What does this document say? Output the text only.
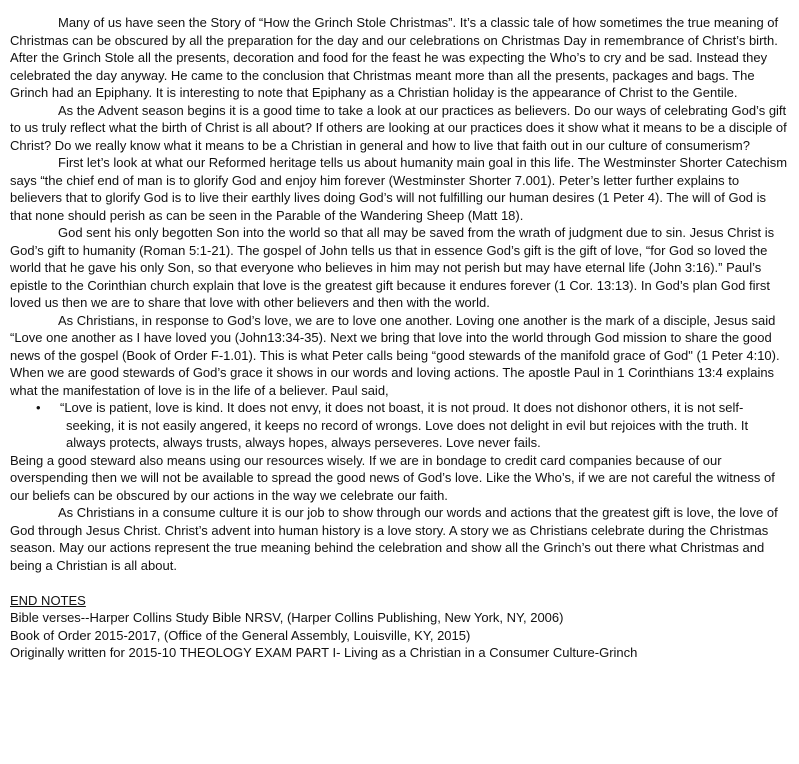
Many of us have seen the Story of “How the Grinch Stole Christmas”. It’s a classic tale of how sometimes the true meaning of Christmas can be obscured by all the preparation for the day and our celebrations on Christmas Day in remembrance of Christ’s birth. After the Grinch Stole all the presents, decoration and food for the feast he was expecting the Who’s to cry and be sad. Instead they celebrated the day anyway. He came to the conclusion that Christmas meant more than all the presents, packages and bags. The Grinch had an Epiphany. It is interesting to note that Epiphany as a Christian holiday is the appearance of Christ to the Gentile.

As the Advent season begins it is a good time to take a look at our practices as believers. Do our ways of celebrating God’s gift to us truly reflect what the birth of Christ is all about? If others are looking at our practices does it show what it means to be a disciple of Christ? Do we really know what it means to be a Christian in general and how to live that faith out in our culture of consumerism?

First let’s look at what our Reformed heritage tells us about humanity main goal in this life. The Westminster Shorter Catechism says “the chief end of man is to glorify God and enjoy him forever (Westminster Shorter 7.001). Peter’s letter further explains to believers that to glorify God is to live their earthly lives doing God’s will not fulfilling our human desires (1 Peter 4). The will of God is that none should perish as can be seen in the Parable of the Wandering Sheep (Matt 18).

God sent his only begotten Son into the world so that all may be saved from the wrath of judgment due to sin. Jesus Christ is God’s gift to humanity (Roman 5:1-21). The gospel of John tells us that in essence God’s gift is the gift of love, “for God so loved the world that he gave his only Son, so that everyone who believes in him may not perish but may have eternal life (John 3:16).” Paul’s epistle to the Corinthian church explain that love is the greatest gift because it endures forever (1 Cor. 13:13). In God’s plan God first loved us then we are to share that love with other believers and then with the world.

As Christians, in response to God’s love, we are to love one another. Loving one another is the mark of a disciple, Jesus said “Love one another as I have loved you (John13:34-35). Next we bring that love into the world through God mission to share the good news of the gospel (Book of Order F-1.01). This is what Peter calls being “good stewards of the manifold grace of God" (1 Peter 4:10). When we are good stewards of God’s grace it shows in our words and loving actions. The apostle Paul in 1 Corinthians 13:4 explains what the manifestation of love is in the life of a believer. Paul said,

•	“Love is patient, love is kind. It does not envy, it does not boast, it is not proud. It does not dishonor others, it is not self-seeking, it is not easily angered, it keeps no record of wrongs. Love does not delight in evil but rejoices with the truth. It always protects, always trusts, always hopes, always perseveres. Love never fails.

Being a good steward also means using our resources wisely. If we are in bondage to credit card companies because of our overspending then we will not be available to spread the good news of God’s love. Like the Who’s, if we are not careful the witness of our beliefs can be obscured by our actions in the way we celebrate our faith.

As Christians in a consume culture it is our job to show through our words and actions that the greatest gift is love, the love of God through Jesus Christ. Christ’s advent into human history is a love story. A story we as Christians celebrate during the Christmas season. May our actions represent the true meaning behind the celebration and show all the Grinch’s out there what Christmas and being a Christian is all about.

END NOTES

Bible verses--Harper Collins Study Bible NRSV, (Harper Collins Publishing, New York, NY, 2006)

Book of Order 2015-2017, (Office of the General Assembly, Louisville, KY, 2015)

Originally written for 2015-10 THEOLOGY EXAM PART I- Living as a Christian in a Consumer Culture-Grinch
